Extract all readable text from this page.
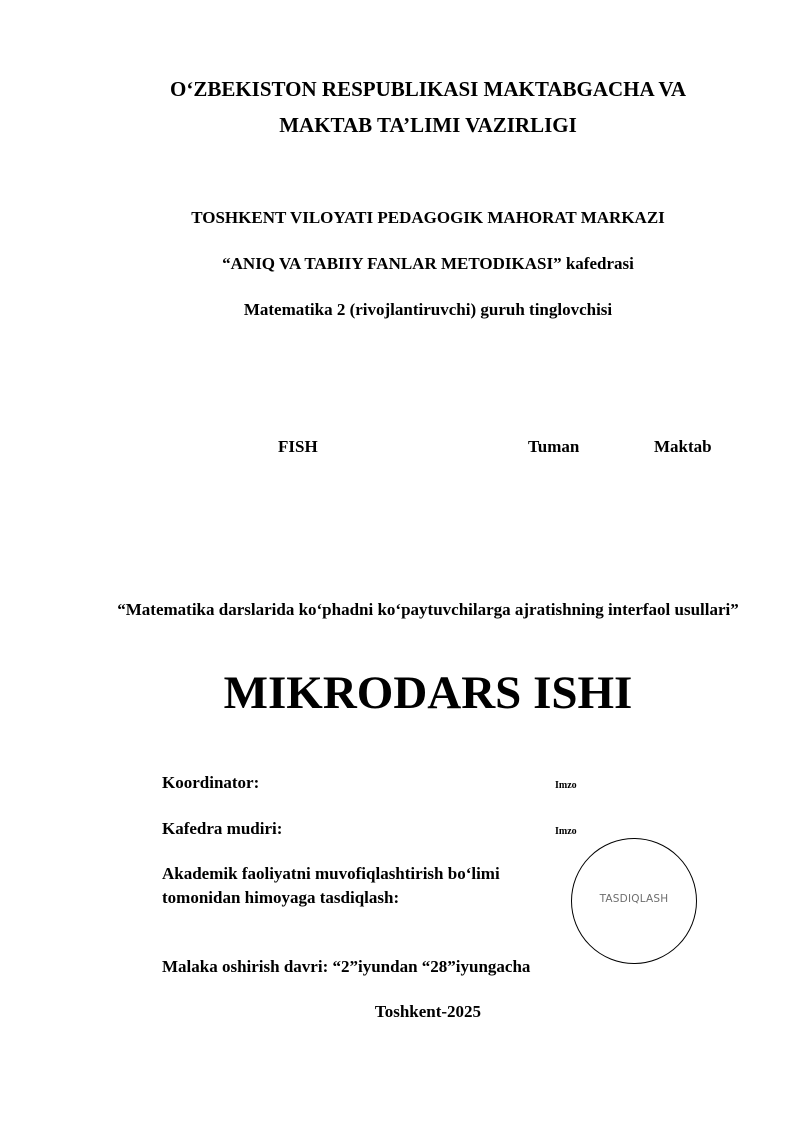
O‘ZBEKISTON RESPUBLIKASI MAKTABGACHA VA
MAKTAB TA’LIMI VAZIRLIGI
TOSHKENT VILOYATI PEDAGOGIK MAHORAT MARKAZI
“ANIQ VA TABIIY FANLAR METODIKASI” kafedrasi
Matematika 2 (rivojlantiruvchi) guruh tinglovchisi
FISH	Tuman	Maktab
“Matematika darslarida ko‘phadni ko‘paytuvchilarga ajratishning interfaol usullari”
MIKRODARS ISHI
Koordinator:	Imzo
Kafedra mudiri:	Imzo
Akademik faoliyatni muvofiqlashtirish bo‘limi
tomonidan himoyaga tasdiqlash:	TASDIQLASH
Malaka oshirish davri: “2”iyundan “28”iyungacha
Toshkent-2025
